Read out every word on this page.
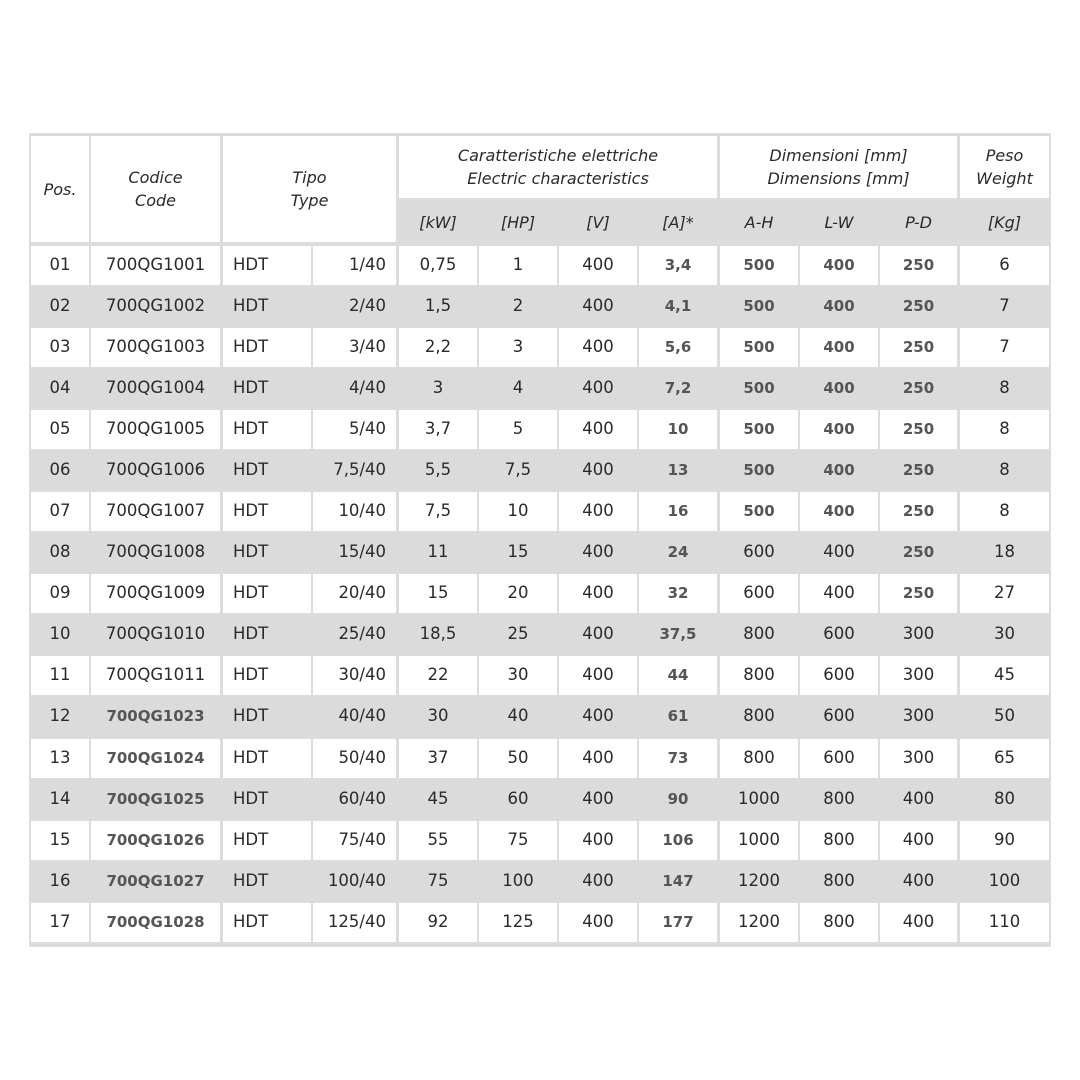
Pos.
Codice
Code
Tipo
Type
Caratteristiche elettriche
Electric characteristics
Dimensioni [mm]
Dimensions [mm]
Peso
Weight
[kW]	[HP]	[V]	[A]*	A-H	L-W	P-D	[Kg]
01	700QG1001	HDT	1/40	0,75	1	400	3,4	500	400	250	6
02	700QG1002	HDT	2/40	1,5	2	400	4,1	500	400	250	7
03	700QG1003	HDT	3/40	2,2	3	400	5,6	500	400	250	7
04	700QG1004	HDT	4/40	3	4	400	7,2	500	400	250	8
05	700QG1005	HDT	5/40	3,7	5	400	10	500	400	250	8
06	700QG1006	HDT	7,5/40	5,5	7,5	400	13	500	400	250	8
07	700QG1007	HDT	10/40	7,5	10	400	16	500	400	250	8
08	700QG1008	HDT	15/40	11	15	400	24	600	400	250	18
09	700QG1009	HDT	20/40	15	20	400	32	600	400	250	27
10	700QG1010	HDT	25/40	18,5	25	400	37,5	800	600	300	30
11	700QG1011	HDT	30/40	22	30	400	44	800	600	300	45
12	700QG1023	HDT	40/40	30	40	400	61	800	600	300	50
13	700QG1024	HDT	50/40	37	50	400	73	800	600	300	65
14	700QG1025	HDT	60/40	45	60	400	90	1000	800	400	80
15	700QG1026	HDT	75/40	55	75	400	106	1000	800	400	90
16	700QG1027	HDT	100/40	75	100	400	147	1200	800	400	100
17	700QG1028	HDT	125/40	92	125	400	177	1200	800	400	110
